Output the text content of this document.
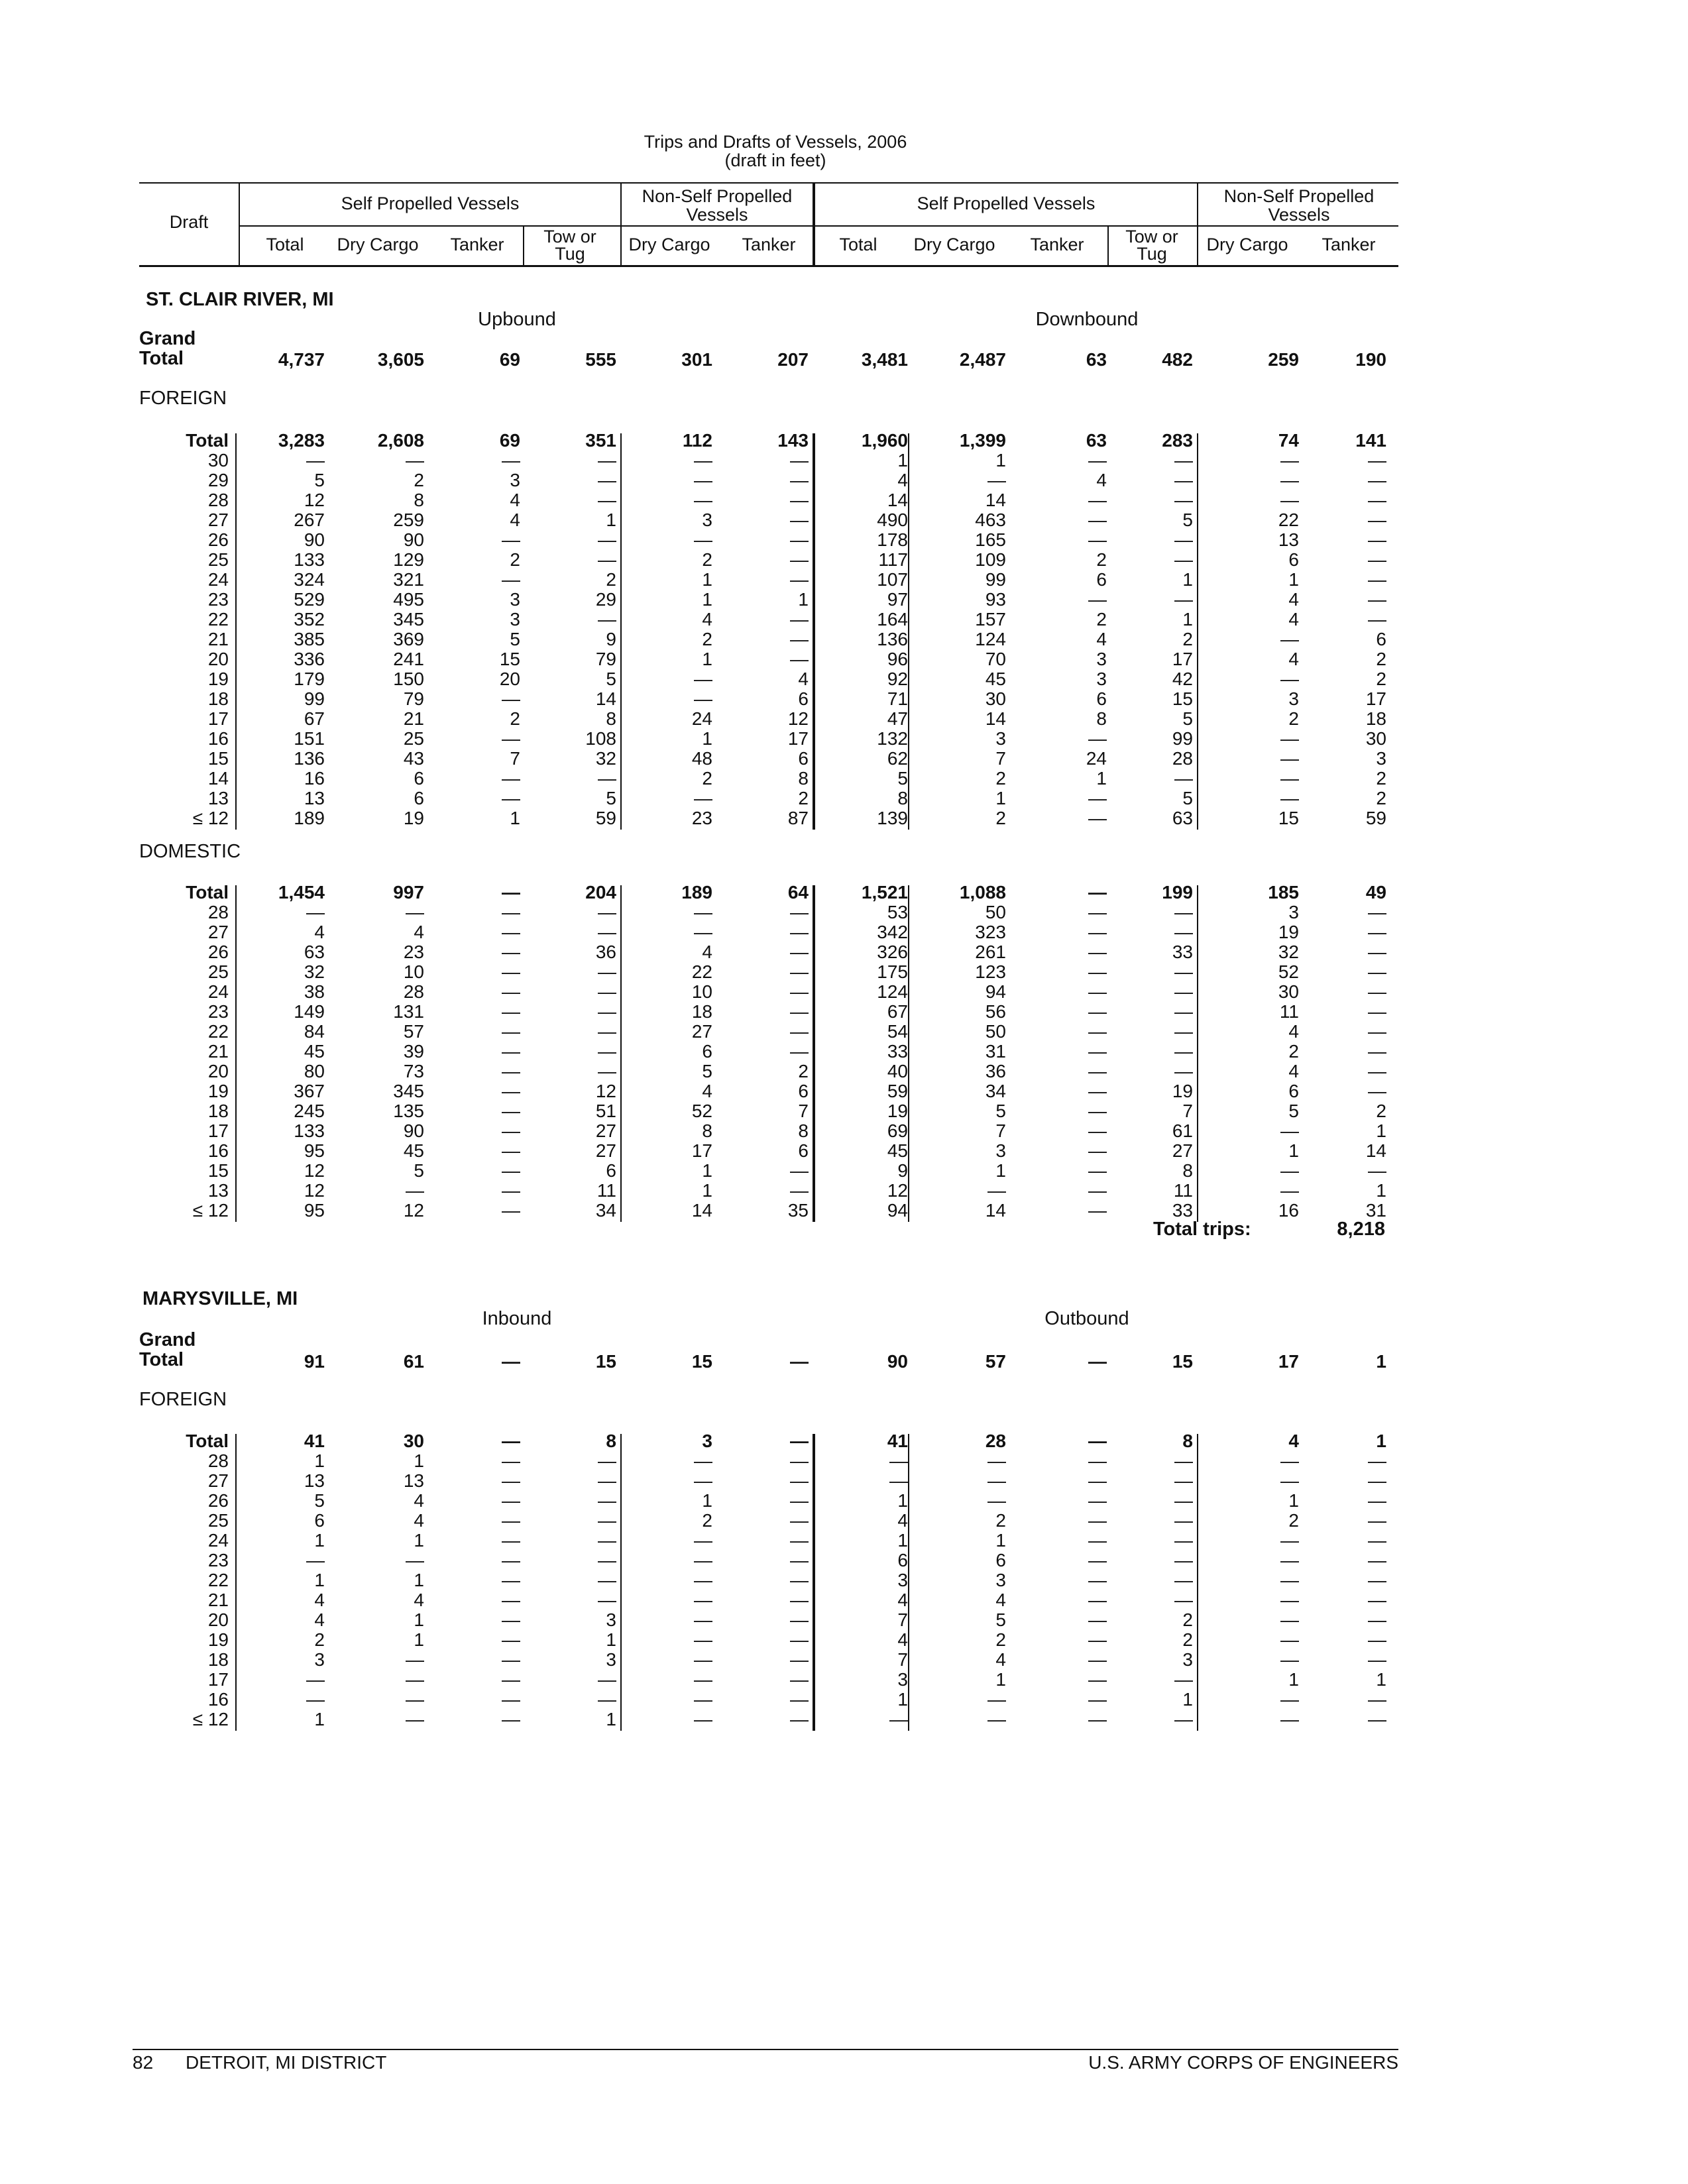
Trips and Drafts of Vessels, 2006
(draft in feet)
Draft
Self Propelled Vessels	Non-Self Propelled Vessels
Self Propelled Vessels	Non-Self Propelled Vessels
Total	Dry Cargo	Tanker	Tow or Tug	Dry Cargo	Tanker	Total	Dry Cargo	Tanker	Tow or Tug	Dry Cargo	Tanker
ST. CLAIR RIVER, MI
Upbound	Downbound
Grand
Total	4,737	3,605	69	555	301	207	3,481	2,487	63	482	259	190
FOREIGN
Total	3,283	2,608	69	351	112	143	1,960	1,399	63	283	74	141
30	—	—	—	—	—	—	1	1	—	—	—	—
29	5	2	3	—	—	—	4	—	4	—	—	—
28	12	8	4	—	—	—	14	14	—	—	—	—
27	267	259	4	1	3	—	490	463	—	5	22	—
26	90	90	—	—	—	—	178	165	—	—	13	—
25	133	129	2	—	2	—	117	109	2	—	6	—
24	324	321	—	2	1	—	107	99	6	1	1	—
23	529	495	3	29	1	1	97	93	—	—	4	—
22	352	345	3	—	4	—	164	157	2	1	4	—
21	385	369	5	9	2	—	136	124	4	2	—	6
20	336	241	15	79	1	—	96	70	3	17	4	2
19	179	150	20	5	—	4	92	45	3	42	—	2
18	99	79	—	14	—	6	71	30	6	15	3	17
17	67	21	2	8	24	12	47	14	8	5	2	18
16	151	25	—	108	1	17	132	3	—	99	—	30
15	136	43	7	32	48	6	62	7	24	28	—	3
14	16	6	—	—	2	8	5	2	1	—	—	2
13	13	6	—	5	—	2	8	1	—	5	—	2
≤ 12	189	19	1	59	23	87	139	2	—	63	15	59
DOMESTIC
Total	1,454	997	—	204	189	64	1,521	1,088	—	199	185	49
28	—	—	—	—	—	—	53	50	—	—	3	—
27	4	4	—	—	—	—	342	323	—	—	19	—
26	63	23	—	36	4	—	326	261	—	33	32	—
25	32	10	—	—	22	—	175	123	—	—	52	—
24	38	28	—	—	10	—	124	94	—	—	30	—
23	149	131	—	—	18	—	67	56	—	—	11	—
22	84	57	—	—	27	—	54	50	—	—	4	—
21	45	39	—	—	6	—	33	31	—	—	2	—
20	80	73	—	—	5	2	40	36	—	—	4	—
19	367	345	—	12	4	6	59	34	—	19	6	—
18	245	135	—	51	52	7	19	5	—	7	5	2
17	133	90	—	27	8	8	69	7	—	61	—	1
16	95	45	—	27	17	6	45	3	—	27	1	14
15	12	5	—	6	1	—	9	1	—	8	—	—
13	12	—	—	11	1	—	12	—	—	11	—	1
≤ 12	95	12	—	34	14	35	94	14	—	33	16	31
Total trips:	8,218
MARYSVILLE, MI
Inbound	Outbound
Grand
Total	91	61	—	15	15	—	90	57	—	15	17	1
FOREIGN
Total	41	30	—	8	3	—	41	28	—	8	4	1
28	1	1	—	—	—	—	—	—	—	—	—	—
27	13	13	—	—	—	—	—	—	—	—	—	—
26	5	4	—	—	1	—	1	—	—	—	1	—
25	6	4	—	—	2	—	4	2	—	—	2	—
24	1	1	—	—	—	—	1	1	—	—	—	—
23	—	—	—	—	—	—	6	6	—	—	—	—
22	1	1	—	—	—	—	3	3	—	—	—	—
21	4	4	—	—	—	—	4	4	—	—	—	—
20	4	1	—	3	—	—	7	5	—	2	—	—
19	2	1	—	1	—	—	4	2	—	2	—	—
18	3	—	—	3	—	—	7	4	—	3	—	—
17	—	—	—	—	—	—	3	1	—	—	1	1
16	—	—	—	—	—	—	1	—	—	1	—	—
≤ 12	1	—	—	1	—	—	—	—	—	—	—	—
82 DETROIT, MI DISTRICT	U.S. ARMY CORPS OF ENGINEERS
